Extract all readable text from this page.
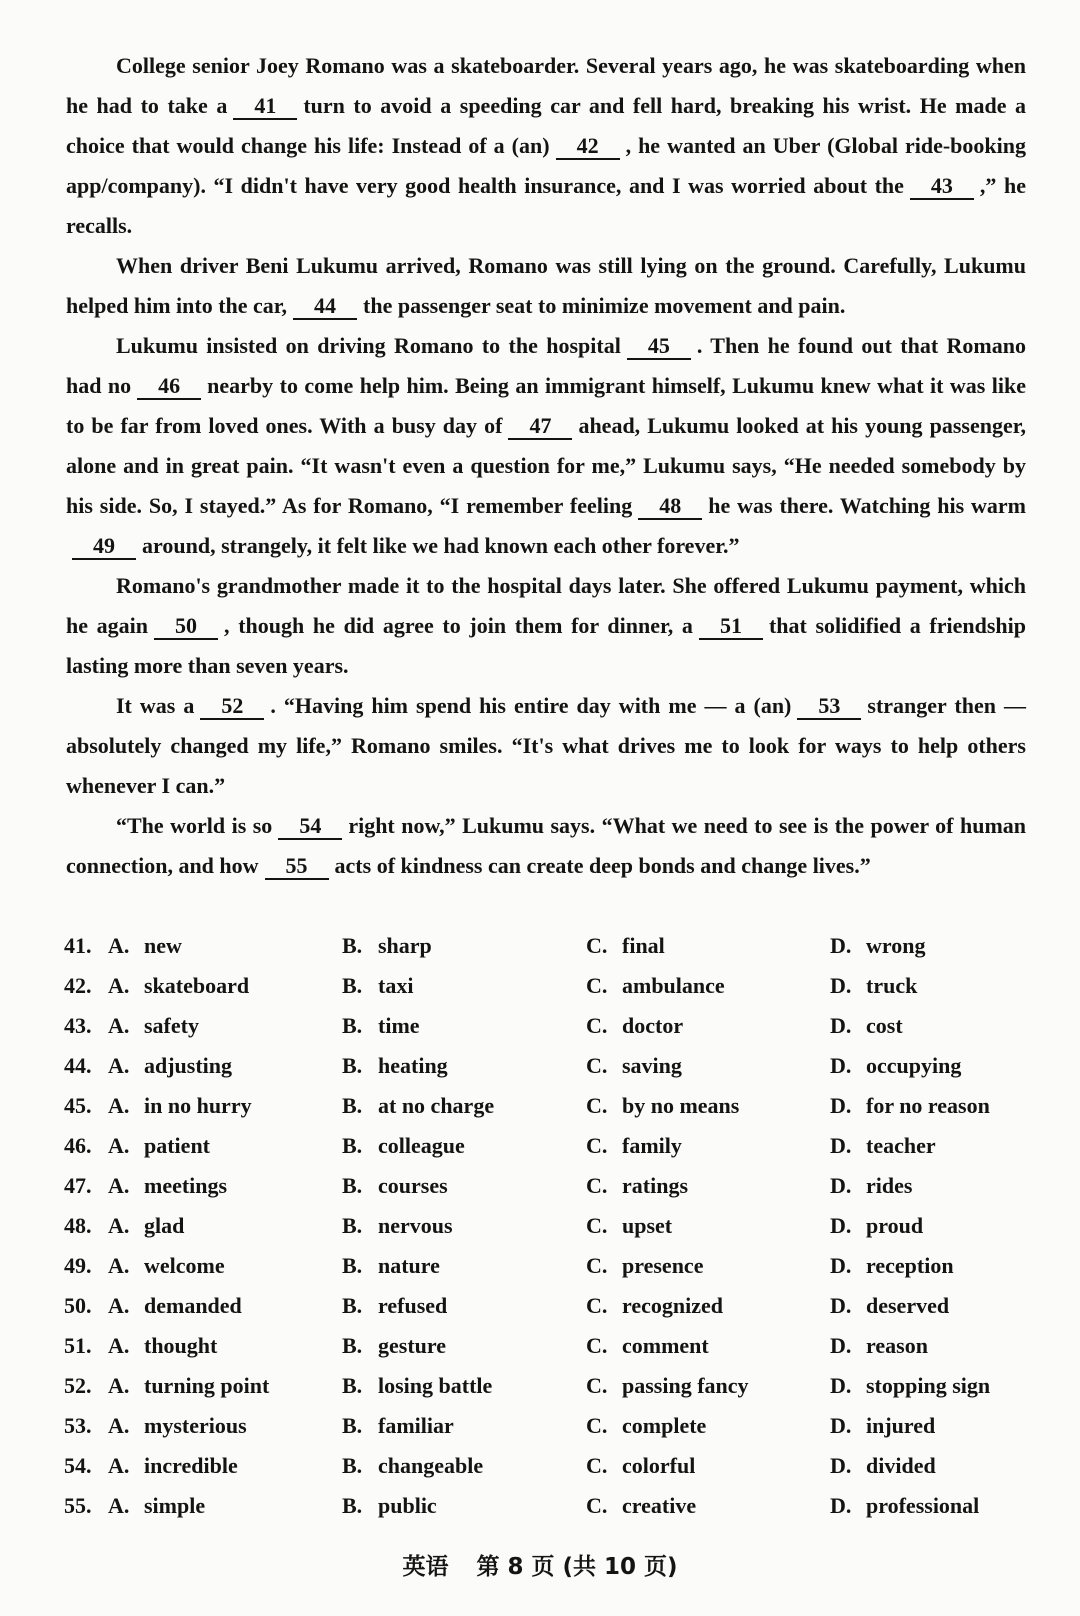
College senior Joey Romano was a skateboarder. Several years ago, he was skateboarding when he had to take a 41 turn to avoid a speeding car and fell hard, breaking his wrist. He made a choice that would change his life: Instead of a (an) 42 , he wanted an Uber (Global ride-booking app/company). “I didn't have very good health insurance, and I was worried about the 43 ,” he recalls.

When driver Beni Lukumu arrived, Romano was still lying on the ground. Carefully, Lukumu helped him into the car, 44 the passenger seat to minimize movement and pain.

Lukumu insisted on driving Romano to the hospital 45 . Then he found out that Romano had no 46 nearby to come help him. Being an immigrant himself, Lukumu knew what it was like to be far from loved ones. With a busy day of 47 ahead, Lukumu looked at his young passenger, alone and in great pain. “It wasn't even a question for me,” Lukumu says, “He needed somebody by his side. So, I stayed.” As for Romano, “I remember feeling 48 he was there. Watching his warm49 around, strangely, it felt like we had known each other forever.”

Romano's grandmother made it to the hospital days later. She offered Lukumu payment, which he again 50 , though he did agree to join them for dinner, a 51 that solidified a friendship lasting more than seven years.

It was a 52 . “Having him spend his entire day with me — a (an) 53 stranger then — absolutely changed my life,” Romano smiles. “It's what drives me to look for ways to help others whenever I can.”

“The world is so 54 right now,” Lukumu says. “What we need to see is the power of human connection, and how 55 acts of kindness can create deep bonds and change lives.”

41. A. new	B. sharp	C. final	D. wrong
42. A. skateboard	B. taxi	C. ambulance	D. truck
43. A. safety	B. time	C. doctor	D. cost
44. A. adjusting	B. heating	C. saving	D. occupying
45. A. in no hurry	B. at no charge	C. by no means	D. for no reason
46. A. patient	B. colleague	C. family	D. teacher
47. A. meetings	B. courses	C. ratings	D. rides
48. A. glad	B. nervous	C. upset	D. proud
49. A. welcome	B. nature	C. presence	D. reception
50. A. demanded	B. refused	C. recognized	D. deserved
51. A. thought	B. gesture	C. comment	D. reason
52. A. turning point	B. losing battle	C. passing fancy	D. stopping sign
53. A. mysterious	B. familiar	C. complete	D. injured
54. A. incredible	B. changeable	C. colorful	D. divided
55. A. simple	B. public	C. creative	D. professional
英语 第 8 页 (共 10 页)
